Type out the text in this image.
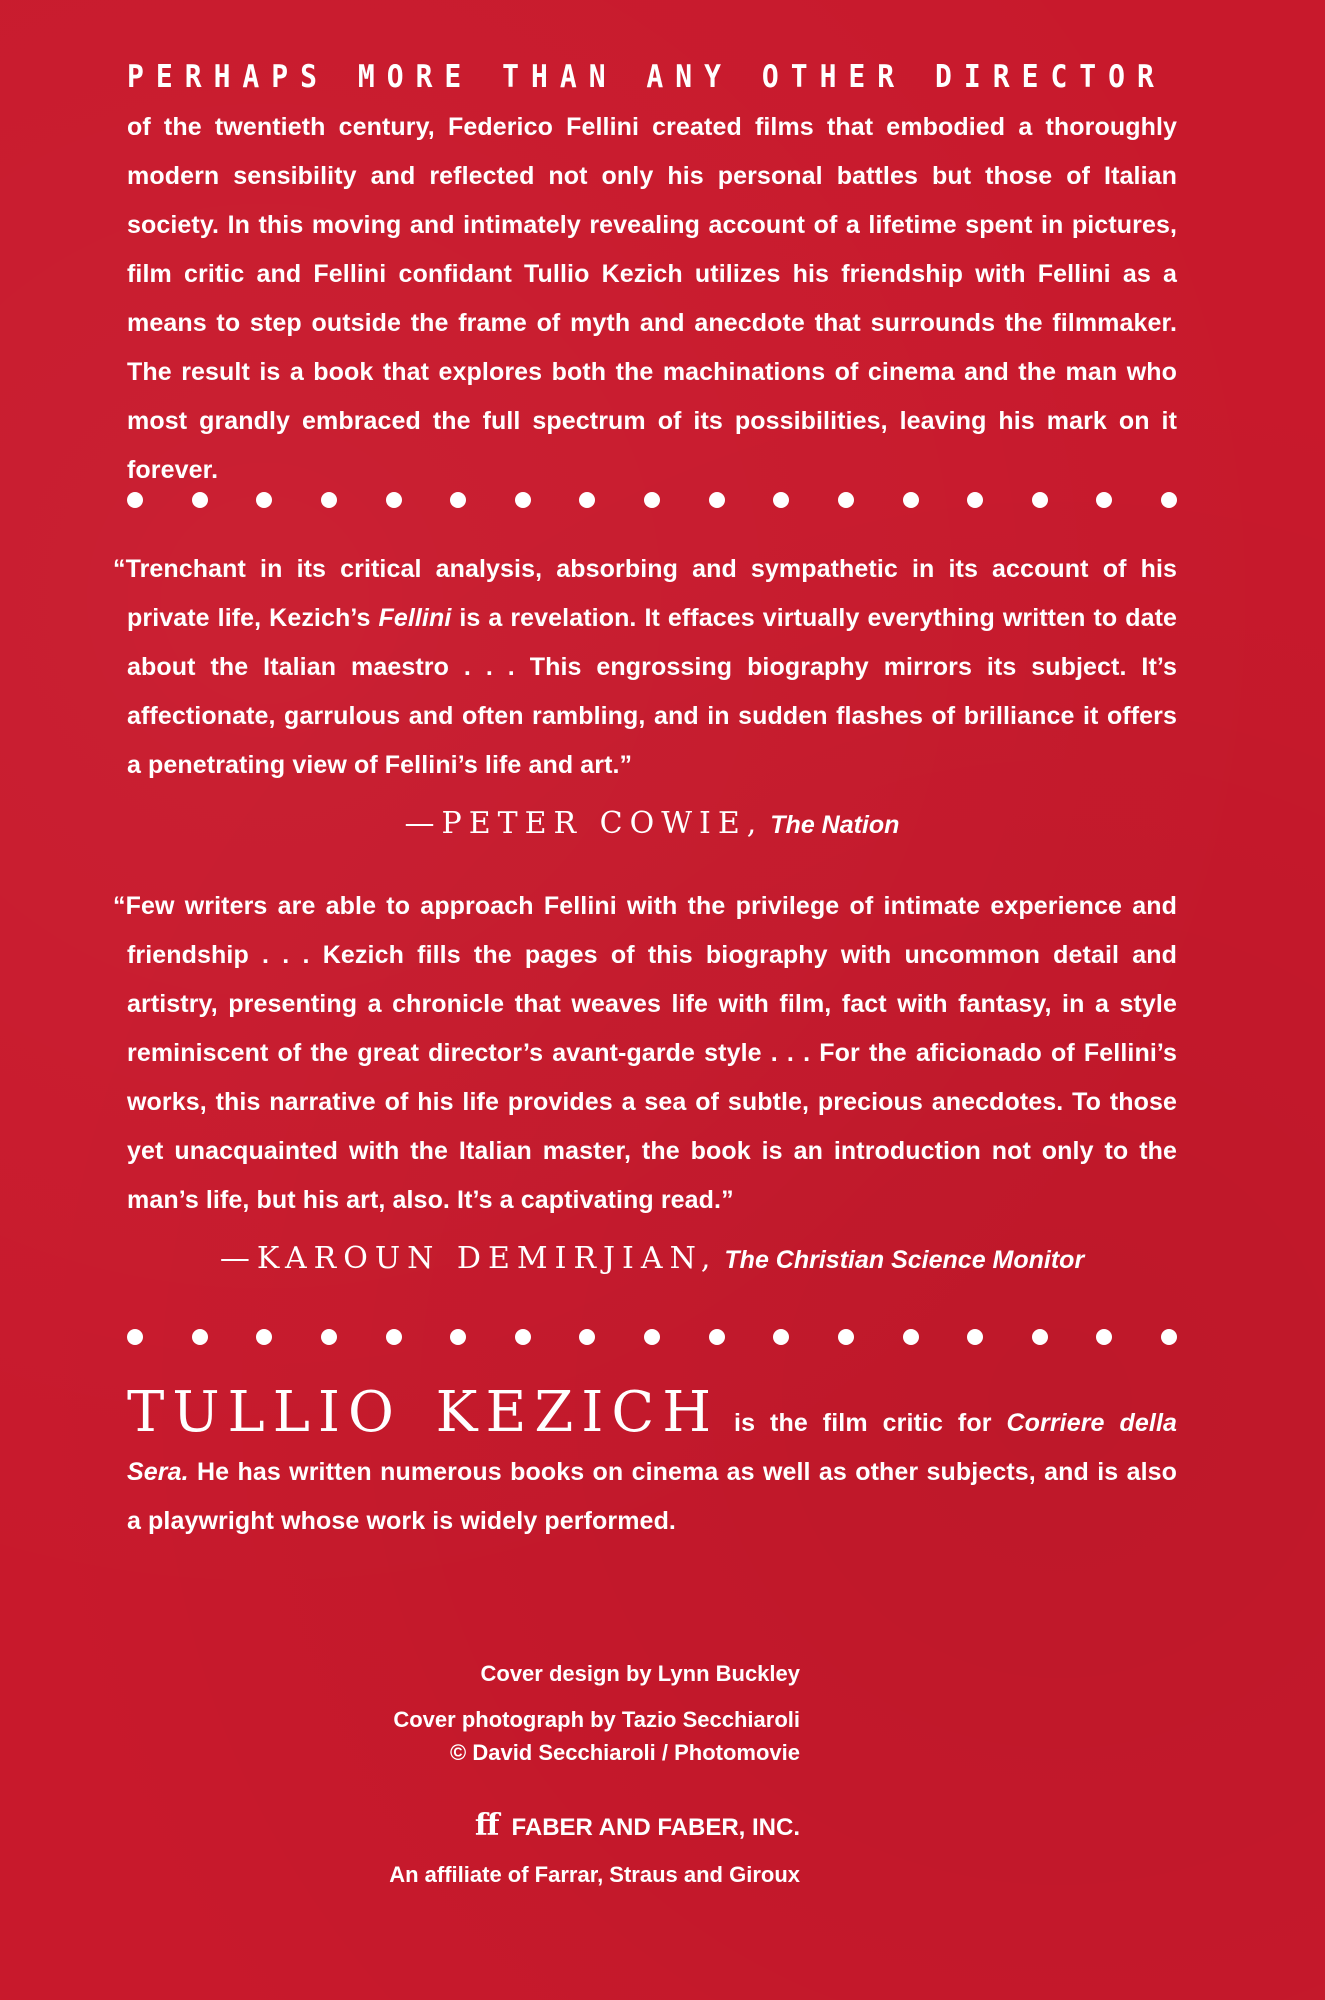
PERHAPS MORE THAN ANY OTHER DIRECTOR of the twentieth century, Federico Fellini created films that embodied a thoroughly modern sensibility and reflected not only his personal battles but those of Italian society. In this moving and intimately revealing account of a lifetime spent in pictures, film critic and Fellini confidant Tullio Kezich utilizes his friendship with Fellini as a means to step outside the frame of myth and anecdote that surrounds the filmmaker. The result is a book that explores both the machinations of cinema and the man who most grandly embraced the full spectrum of its possibilities, leaving his mark on it forever.
“Trenchant in its critical analysis, absorbing and sympathetic in its account of his private life, Kezich’s Fellini is a revelation. It effaces virtually everything written to date about the Italian maestro . . . This engrossing biography mirrors its subject. It’s affectionate, garrulous and often rambling, and in sudden flashes of brilliance it offers a penetrating view of Fellini’s life and art.”
—PETER COWIE, The Nation
“Few writers are able to approach Fellini with the privilege of intimate experience and friendship . . . Kezich fills the pages of this biography with uncommon detail and artistry, presenting a chronicle that weaves life with film, fact with fantasy, in a style reminiscent of the great director’s avant-garde style . . . For the aficionado of Fellini’s works, this narrative of his life provides a sea of subtle, precious anecdotes. To those yet unacquainted with the Italian master, the book is an introduction not only to the man’s life, but his art, also. It’s a captivating read.”
—KAROUN DEMIRJIAN, The Christian Science Monitor
TULLIO KEZICH is the film critic for Corriere della Sera. He has written numerous books on cinema as well as other subjects, and is also a playwright whose work is widely performed.
Cover design by Lynn Buckley
Cover photograph by Tazio Secchiaroli
© David Secchiaroli / Photomovie
ff FABER AND FABER, INC.
An affiliate of Farrar, Straus and Giroux
